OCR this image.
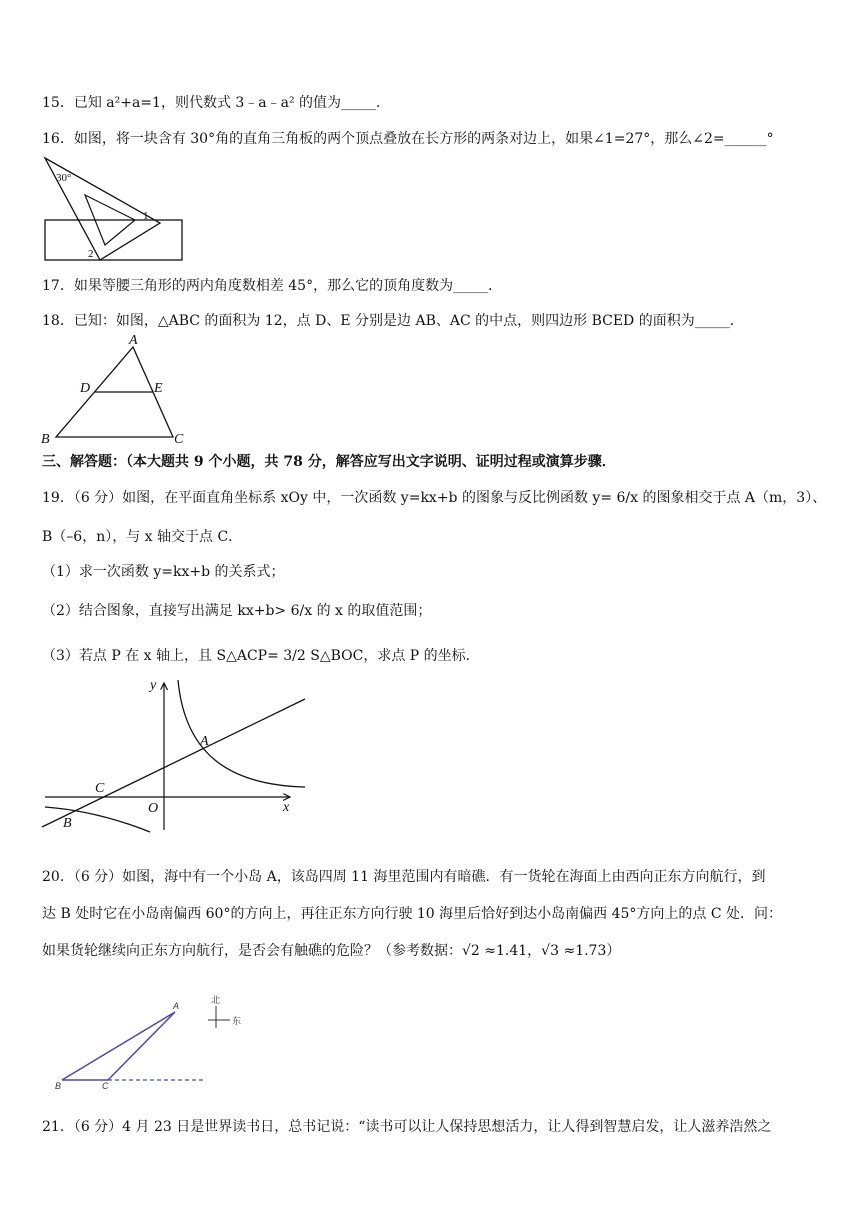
15．已知 a²+a=1，则代数式 3﹣a﹣a² 的值为_____．
16．如图，将一块含有 30°角的直角三角板的两个顶点叠放在长方形的两条对边上，如果∠1=27°，那么∠2=______°
30°
1
2
17．如果等腰三角形的两内角度数相差 45°，那么它的顶角度数为_____．
18．已知：如图，△ABC 的面积为 12，点 D、E 分别是边 AB、AC 的中点，则四边形 BCED 的面积为_____．
A
B	C
D	E
三、解答题：（本大题共 9 个小题，共 78 分，解答应写出文字说明、证明过程或演算步骤．
19．（6 分）如图，在平面直角坐标系 xOy 中，一次函数 y=kx+b 的图象与反比例函数 y= 6/x 的图象相交于点 A（m，3）、
B（–6，n），与 x 轴交于点 C．
（1）求一次函数 y=kx+b 的关系式；
（2）结合图象，直接写出满足 kx+b> 6/x 的 x 的取值范围；
（3）若点 P 在 x 轴上，且 S△ACP= 3/2 S△BOC，求点 P 的坐标．
y
x
O
A
B
C
20．（6 分）如图，海中有一个小岛 A，该岛四周 11 海里范围内有暗礁．有一货轮在海面上由西向正东方向航行，到
达 B 处时它在小岛南偏西 60°的方向上，再往正东方向行驶 10 海里后恰好到达小岛南偏西 45°方向上的点 C 处．问：
如果货轮继续向正东方向航行，是否会有触礁的危险？（参考数据：√2 ≈1.41，√3 ≈1.73）
A
B	C
北
东
21．（6 分）4 月 23 日是世界读书日，总书记说：“读书可以让人保持思想活力，让人得到智慧启发，让人滋养浩然之
